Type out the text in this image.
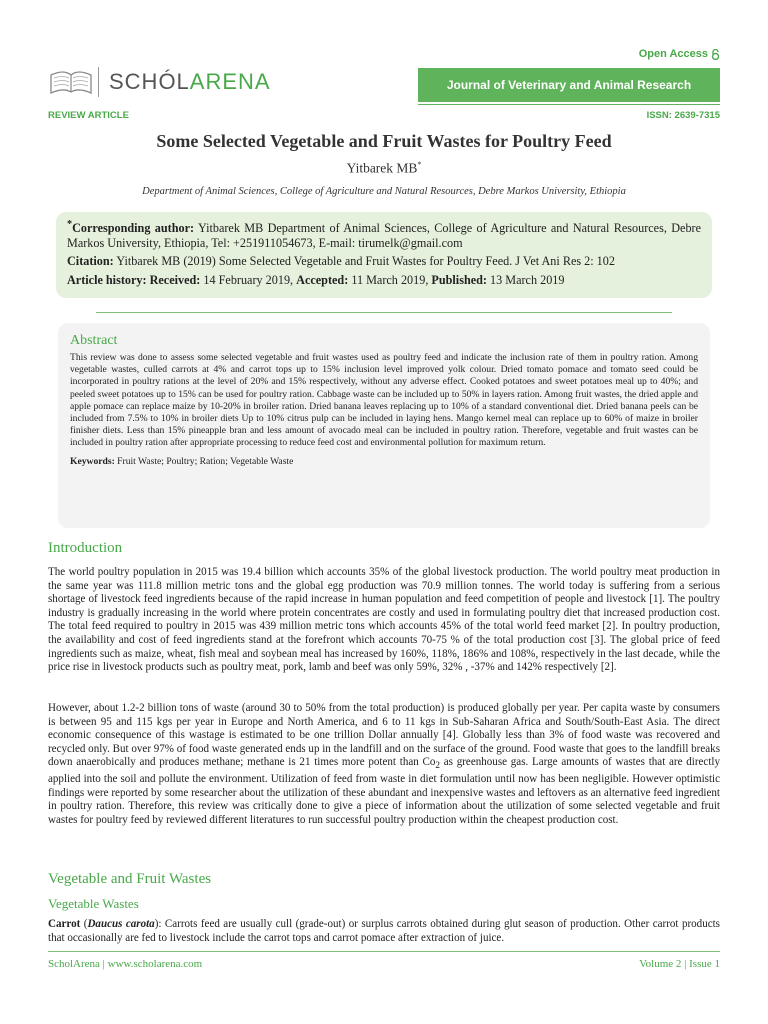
Open Access
SCHÓLARENA	Journal of Veterinary and Animal Research
REVIEW ARTICLE	ISSN: 2639-7315
Some Selected Vegetable and Fruit Wastes for Poultry Feed
Yitbarek MB*
Department of Animal Sciences, College of Agriculture and Natural Resources, Debre Markos University, Ethiopia

*Corresponding author: Yitbarek MB Department of Animal Sciences, College of Agriculture and Natural Resources, Debre Markos University, Ethiopia, Tel: +251911054673, E-mail: tirumelk@gmail.com

Citation: Yitbarek MB (2019) Some Selected Vegetable and Fruit Wastes for Poultry Feed. J Vet Ani Res 2: 102

Article history: Received: 14 February 2019, Accepted: 11 March 2019, Published: 13 March 2019

Abstract
This review was done to assess some selected vegetable and fruit wastes used as poultry feed and indicate the inclusion rate of them in poultry ration. Among vegetable wastes, culled carrots at 4% and carrot tops up to 15% inclusion level improved yolk colour. Dried tomato pomace and tomato seed could be incorporated in poultry rations at the level of 20% and 15% respectively, without any adverse effect. Cooked potatoes and sweet potatoes meal up to 40%; and peeled sweet potatoes up to 15% can be used for poultry ration. Cabbage waste can be included up to 50% in layers ration. Among fruit wastes, the dried apple and apple pomace can replace maize by 10-20% in broiler ration. Dried banana leaves replacing up to 10% of a standard conventional diet. Dried banana peels can be included from 7.5% to 10% in broiler diets Up to 10% citrus pulp can be included in laying hens. Mango kernel meal can replace up to 60% of maize in broiler finisher diets. Less than 15% pineapple bran and less amount of avocado meal can be included in poultry ration. Therefore, vegetable and fruit wastes can be included in poultry ration after appropriate processing to reduce feed cost and environmental pollution for maximum return.
Keywords: Fruit Waste; Poultry; Ration; Vegetable Waste
Introduction
The world poultry population in 2015 was 19.4 billion which accounts 35% of the global livestock production. The world poultry meat production in the same year was 111.8 million metric tons and the global egg production was 70.9 million tonnes. The world today is suffering from a serious shortage of livestock feed ingredients because of the rapid increase in human population and feed competition of people and livestock [1]. The poultry industry is gradually increasing in the world where protein concentrates are costly and used in formulating poultry diet that increased production cost. The total feed required to poultry in 2015 was 439 million metric tons which accounts 45% of the total world feed market [2]. In poultry production, the availability and cost of feed ingredients stand at the forefront which accounts 70-75 % of the total production cost [3]. The global price of feed ingredients such as maize, wheat, fish meal and soybean meal has increased by 160%, 118%, 186% and 108%, respectively in the last decade, while the price rise in livestock products such as poultry meat, pork, lamb and beef was only 59%, 32% , -37% and 142% respectively [2].
However, about 1.2-2 billion tons of waste (around 30 to 50% from the total production) is produced globally per year. Per capita waste by consumers is between 95 and 115 kgs per year in Europe and North America, and 6 to 11 kgs in Sub-Saharan Africa and South/South-East Asia. The direct economic consequence of this wastage is estimated to be one trillion Dollar annually [4]. Globally less than 3% of food waste was recovered and recycled only. But over 97% of food waste generated ends up in the landfill and on the surface of the ground. Food waste that goes to the landfill breaks down anaerobically and produces methane; methane is 21 times more potent than $Co_2$ as greenhouse gas. Large amounts of wastes that are directly applied into the soil and pollute the environment. Utilization of feed from waste in diet formulation until now has been negligible. However optimistic findings were reported by some researcher about the utilization of these abundant and inexpensive wastes and leftovers as an alternative feed ingredient in poultry ration. Therefore, this review was critically done to give a piece of information about the utilization of some selected vegetable and fruit wastes for poultry feed by reviewed different literatures to run successful poultry production within the cheapest production cost.
Vegetable and Fruit Wastes
Vegetable Wastes
Carrot (Daucus carota): Carrots feed are usually cull (grade-out) or surplus carrots obtained during glut season of production. Other carrot products that occasionally are fed to livestock include the carrot tops and carrot pomace after extraction of juice.
ScholArena | www.scholarena.com	Volume 2 | Issue 1
